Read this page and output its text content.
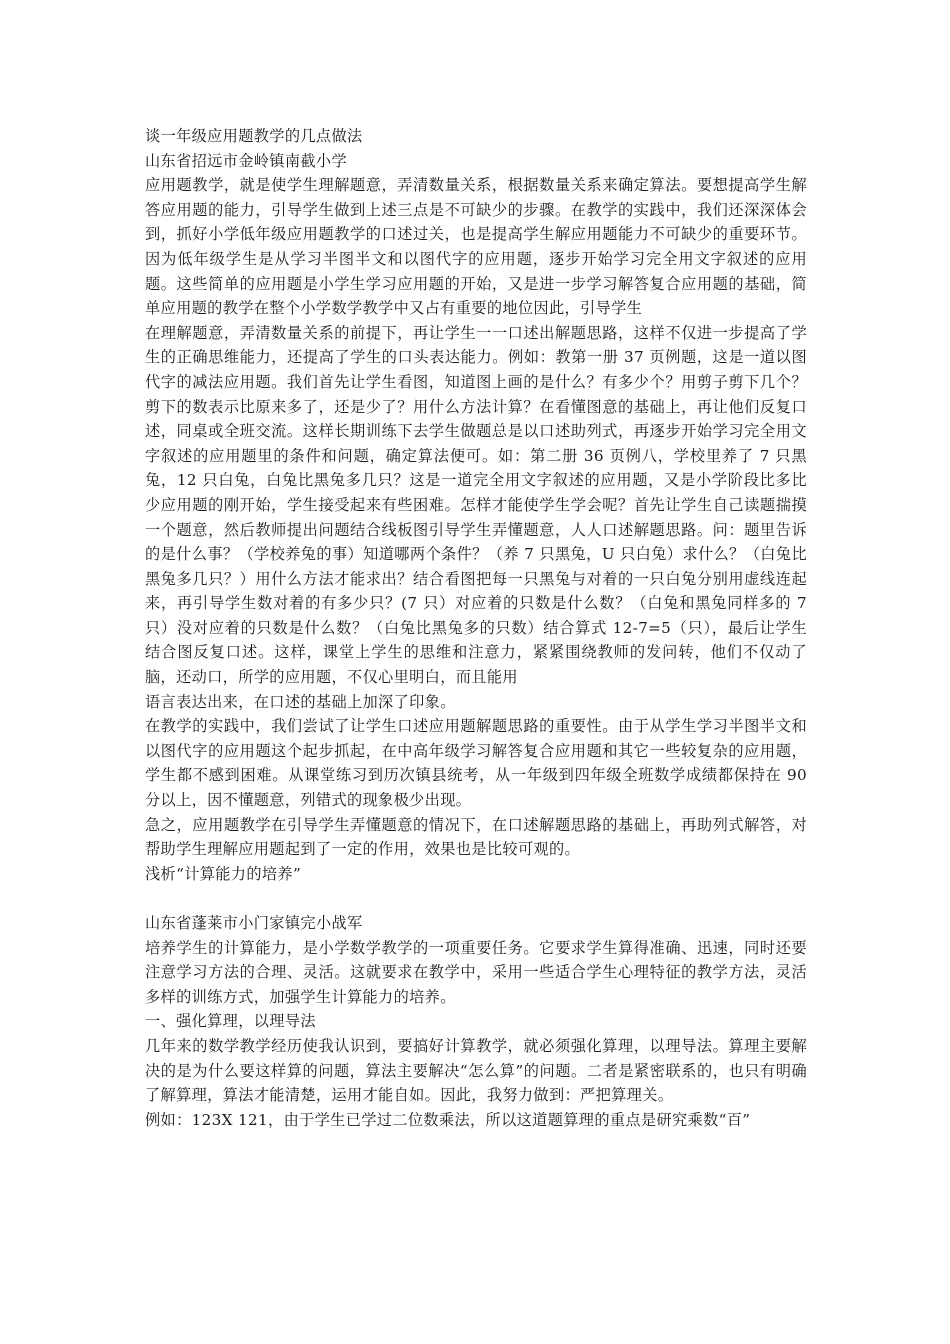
谈一年级应用题教学的几点做法

山东省招远市金岭镇南截小学

应用题教学，就是使学生理解题意，弄清数量关系，根据数量关系来确定算法。要想提高学生解答应用题的能力，引导学生做到上述三点是不可缺少的步骤。在教学的实践中，我们还深深体会到，抓好小学低年级应用题教学的口述过关，也是提高学生解应用题能力不可缺少的重要环节。因为低年级学生是从学习半图半文和以图代字的应用题，逐步开始学习完全用文字叙述的应用题。这些简单的应用题是小学生学习应用题的开始，又是进一步学习解答复合应用题的基础，简单应用题的教学在整个小学数学教学中又占有重要的地位因此，引导学生

在理解题意，弄清数量关系的前提下，再让学生一一口述出解题思路，这样不仅进一步提高了学生的正确思维能力，还提高了学生的口头表达能力。例如：教第一册 37 页例题，这是一道以图代字的减法应用题。我们首先让学生看图，知道图上画的是什么？有多少个？用剪子剪下几个？剪下的数表示比原来多了，还是少了？用什么方法计算？在看懂图意的基础上，再让他们反复口述，同桌或全班交流。这样长期训练下去学生做题总是以口述助列式，再逐步开始学习完全用文字叙述的应用题里的条件和问题，确定算法便可。如：第二册 36 页例八，学校里养了 7 只黑兔，12 只白兔，白兔比黑兔多几只？这是一道完全用文字叙述的应用题，又是小学阶段比多比少应用题的刚开始，学生接受起来有些困难。怎样才能使学生学会呢？首先让学生自己读题揣摸一个题意，然后教师提出问题结合线板图引导学生弄懂题意，人人口述解题思路。问：题里告诉的是什么事？（学校养兔的事）知道哪两个条件？（养 7 只黑兔，U 只白兔）求什么？（白兔比黑兔多几只？）用什么方法才能求出？结合看图把每一只黑兔与对着的一只白兔分别用虚线连起来，再引导学生数对着的有多少只？(7 只）对应着的只数是什么数？（白兔和黑兔同样多的 7 只）没对应着的只数是什么数？（白兔比黑兔多的只数）结合算式 12-7=5（只），最后让学生结合图反复口述。这样，课堂上学生的思维和注意力，紧紧围绕教师的发问转，他们不仅动了脑，还动口，所学的应用题，不仅心里明白，而且能用

语言表达出来，在口述的基础上加深了印象。

在教学的实践中，我们尝试了让学生口述应用题解题思路的重要性。由于从学生学习半图半文和以图代字的应用题这个起步抓起，在中高年级学习解答复合应用题和其它一些较复杂的应用题，学生都不感到困难。从课堂练习到历次镇县统考，从一年级到四年级全班数学成绩都保持在 90 分以上，因不懂题意，列错式的现象极少出现。

急之，应用题教学在引导学生弄懂题意的情况下，在口述解题思路的基础上，再助列式解答，对帮助学生理解应用题起到了一定的作用，效果也是比较可观的。

浅析“计算能力的培养”

山东省蓬莱市小门家镇完小战军

培养学生的计算能力，是小学数学教学的一项重要任务。它要求学生算得准确、迅速，同时还要注意学习方法的合理、灵活。这就要求在教学中，采用一些适合学生心理特征的教学方法，灵活多样的训练方式，加强学生计算能力的培养。

一、强化算理，以理导法

几年来的数学教学经历使我认识到，要搞好计算教学，就必须强化算理，以理导法。算理主要解决的是为什么要这样算的问题，算法主要解决“怎么算”的问题。二者是紧密联系的，也只有明确了解算理，算法才能清楚，运用才能自如。因此，我努力做到：严把算理关。

例如：123X 121，由于学生已学过二位数乘法，所以这道题算理的重点是研究乘数“百”
